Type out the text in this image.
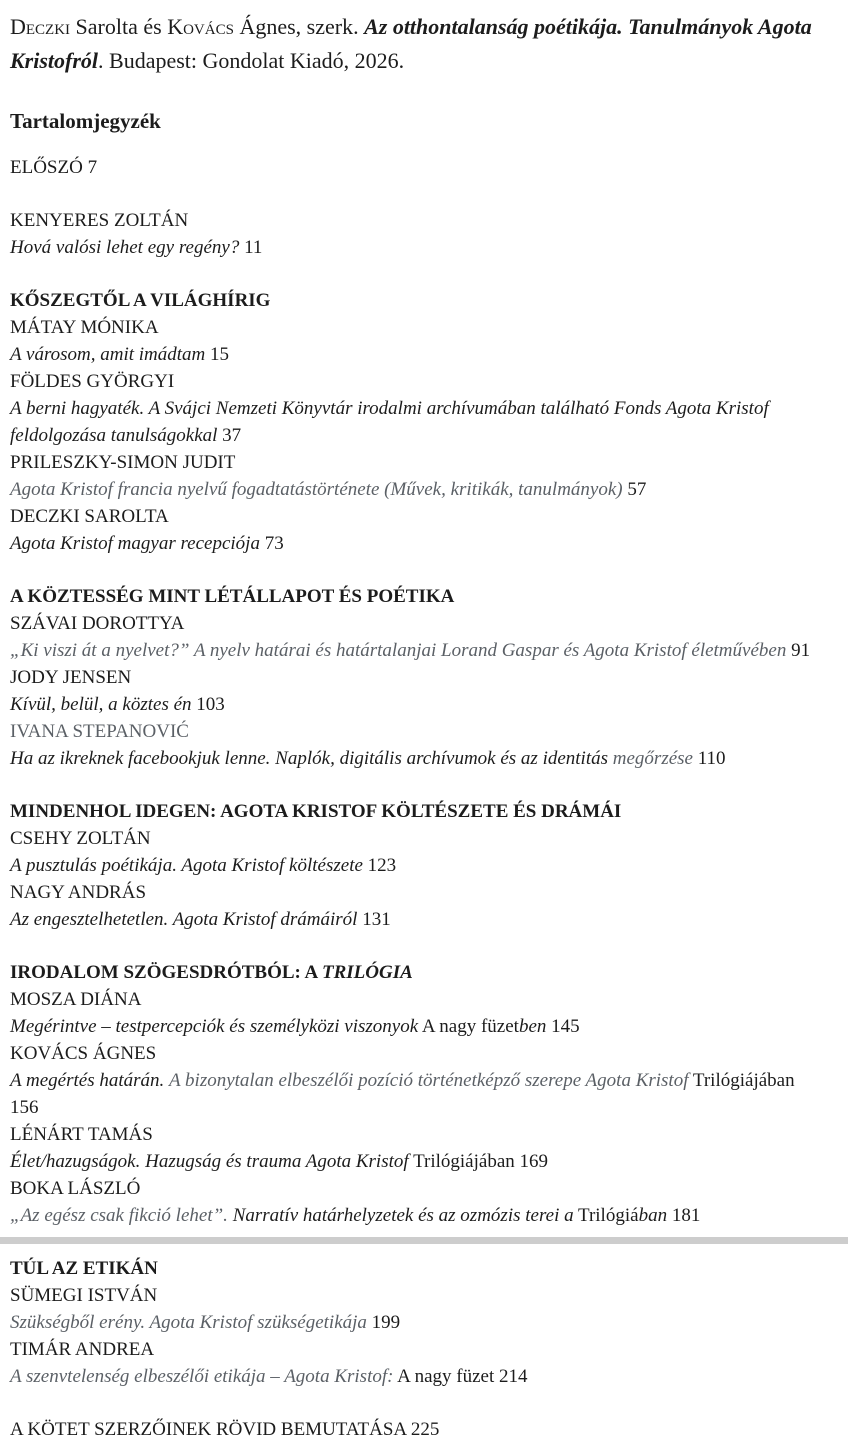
Deczki Sarolta és Kovács Ágnes, szerk. Az otthontalanság poétikája. Tanulmányok Agota Kristofról. Budapest: Gondolat Kiadó, 2026.

Tartalomjegyzék
ELŐSZÓ 7
KENYERES ZOLTÁN
Hová valósi lehet egy regény? 11
KŐSZEGTŐL A VILÁGHÍRIG
MÁTAY MÓNIKA
A városom, amit imádtam 15
FÖLDES GYÖRGYI
A berni hagyaték. A Svájci Nemzeti Könyvtár irodalmi archívumában található Fonds Agota Kristof feldolgozása tanulságokkal 37
PRILESZKY-SIMON JUDIT
Agota Kristof francia nyelvű fogadtatástörténete (Művek, kritikák, tanulmányok) 57
DECZKI SAROLTA
Agota Kristof magyar recepciója 73
A KÖZTESSÉG MINT LÉTÁLLAPOT ÉS POÉTIKA
SZÁVAI DOROTTYA
„Ki viszi át a nyelvet?” A nyelv határai és határtalanjai Lorand Gaspar és Agota Kristof életművében 91
JODY JENSEN
Kívül, belül, a köztes én 103
IVANA STEPANOVIĆ
Ha az ikreknek facebookjuk lenne. Naplók, digitális archívumok és az identitás megőrzése 110
MINDENHOL IDEGEN: AGOTA KRISTOF KÖLTÉSZETE ÉS DRÁMÁI
CSEHY ZOLTÁN
A pusztulás poétikája. Agota Kristof költészete 123
NAGY ANDRÁS
Az engesztelhetetlen. Agota Kristof drámáiról 131
IRODALOM SZÖGESDRÓTBÓL: A TRILÓGIA
MOSZA DIÁNA
Megérintve – testpercepciók és személyközi viszonyok A nagy füzetben 145
KOVÁCS ÁGNES
A megértés határán. A bizonytalan elbeszélői pozíció történetképző szerepe Agota Kristof Trilógiájában
156
LÉNÁRT TAMÁS
Élet/hazugságok. Hazugság és trauma Agota Kristof Trilógiájában 169
BOKA LÁSZLÓ
„Az egész csak fikció lehet”. Narratív határhelyzetek és az ozmózis terei a Trilógiában 181
TÚL AZ ETIKÁN
SÜMEGI ISTVÁN
Szükségből erény. Agota Kristof szükségetikája 199
TIMÁR ANDREA
A szenvtelenség elbeszélői etikája – Agota Kristof: A nagy füzet 214
A KÖTET SZERZŐINEK RÖVID BEMUTATÁSA 225
